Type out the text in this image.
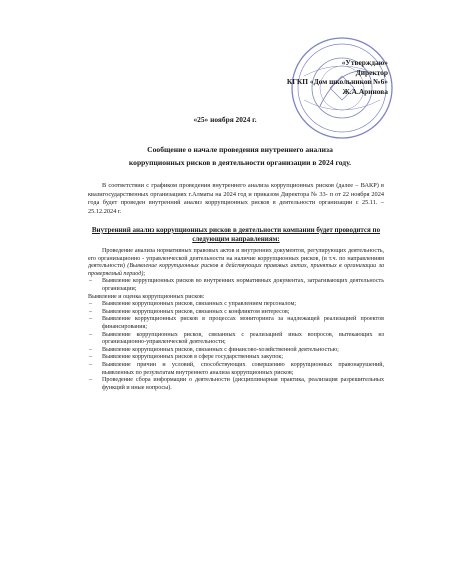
«Утверждаю»
Директор
КГКП «Дом школьников №6»
Ж.А.Аринова
«25» ноября 2024 г.
Сообщение о начале проведения внутреннего анализа
коррупционных рисков в деятельности организации в 2024 году.

В соответствии с графиком проведения внутреннего анализа коррупционных рисков (далее – ВАКР) в квазигосударственных организациях г.Алматы на 2024 год и приказом Директора № 33- п от 22 ноября 2024 года будет проведен внутренний анализ коррупционных рисков в деятельности организации с 25.11. – 25.12.2024 г.

Внутренний анализ коррупционных рисков в деятельности компании будет проводится по следующим направлениям:

Проведение анализа нормативных правовых актов и внутренних документов, регулирующих деятельность, его организационно - управленческой деятельности на наличие коррупционных рисков, (в т.ч. по направлениям деятельности) (Выявление коррупционных рисков в действующих правовых актах, принятых в организации за проверяемый период);

– Выявление коррупционных рисков во внутренних нормативных документах, затрагивающих деятельность организации;
Выявление и оценка коррупционных рисков:
– Выявление коррупционных рисков, связанных с управлением персоналом;
– Выявление коррупционных рисков, связанных с конфликтом интересов;
– Выявление коррупционных рисков в процессах мониторинга за надлежащей реализацией проектов финансирования;
– Выявление коррупционных рисков, связанных с реализацией иных вопросов, вытекающих из организационно-управленческой деятельности;
– Выявление коррупционных рисков, связанных с финансово-хозяйственной деятельностью;
– Выявление коррупционных рисков в сфере государственных закупок;
– Выявление причин и условий, способствующих совершению коррупционных правонарушений, выявленных по результатам внутреннего анализа коррупционных рисков;
– Проведение сбора информации о деятельности (дисциплинарная практика, реализация разрешительных функций и иные вопросы).
